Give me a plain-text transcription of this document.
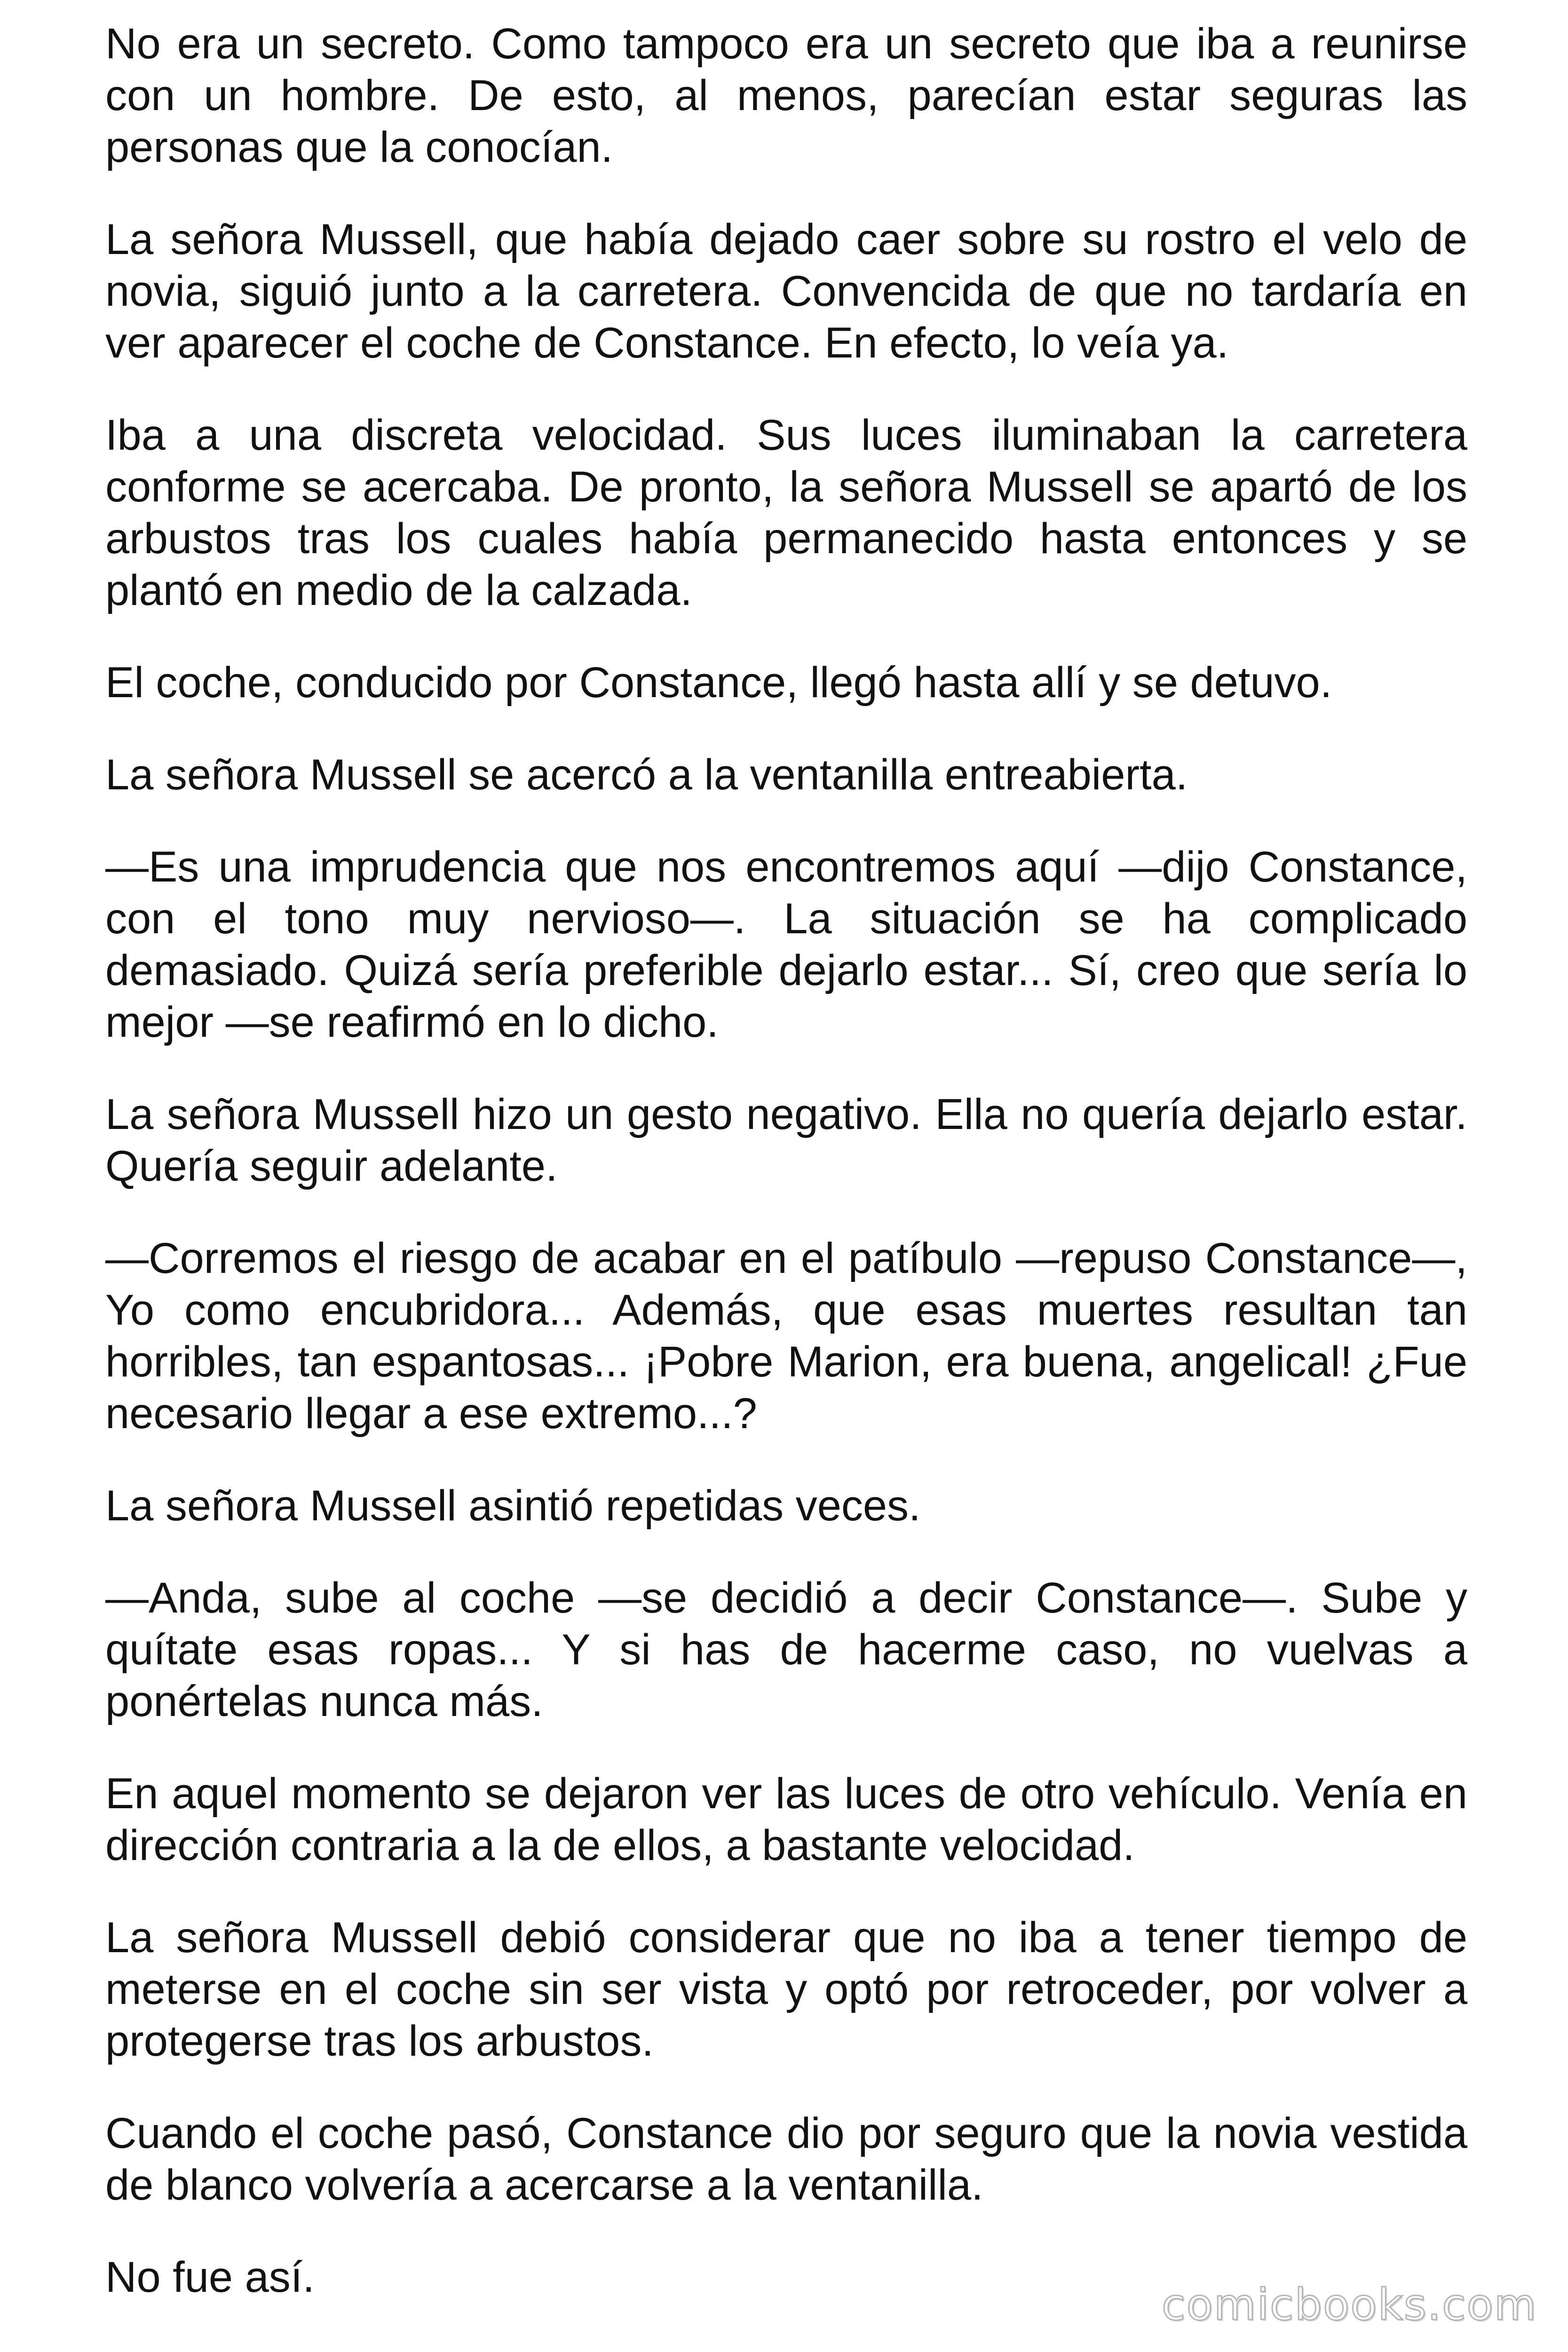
No era un secreto. Como tampoco era un secreto que iba a reunirse con un hombre. De esto, al menos, parecían estar seguras las personas que la conocían.

La señora Mussell, que había dejado caer sobre su rostro el velo de novia, siguió junto a la carretera. Convencida de que no tardaría en ver aparecer el coche de Constance. En efecto, lo veía ya.

Iba a una discreta velocidad. Sus luces iluminaban la carretera conforme se acercaba. De pronto, la señora Mussell se apartó de los arbustos tras los cuales había permanecido hasta entonces y se plantó en medio de la calzada.

El coche, conducido por Constance, llegó hasta allí y se detuvo.

La señora Mussell se acercó a la ventanilla entreabierta.

—Es una imprudencia que nos encontremos aquí —dijo Constance, con el tono muy nervioso—. La situación se ha complicado demasiado. Quizá sería preferible dejarlo estar... Sí, creo que sería lo mejor —se reafirmó en lo dicho.

La señora Mussell hizo un gesto negativo. Ella no quería dejarlo estar. Quería seguir adelante.

—Corremos el riesgo de acabar en el patíbulo —repuso Constance—, Yo como encubridora... Además, que esas muertes resultan tan horribles, tan espantosas... ¡Pobre Marion, era buena, angelical! ¿Fue necesario llegar a ese extremo...?

La señora Mussell asintió repetidas veces.

—Anda, sube al coche —se decidió a decir Constance—. Sube y quítate esas ropas... Y si has de hacerme caso, no vuelvas a ponértelas nunca más.

En aquel momento se dejaron ver las luces de otro vehículo. Venía en dirección contraria a la de ellos, a bastante velocidad.

La señora Mussell debió considerar que no iba a tener tiempo de meterse en el coche sin ser vista y optó por retroceder, por volver a protegerse tras los arbustos.

Cuando el coche pasó, Constance dio por seguro que la novia vestida de blanco volvería a acercarse a la ventanilla.

No fue así.

comicbooks.com
